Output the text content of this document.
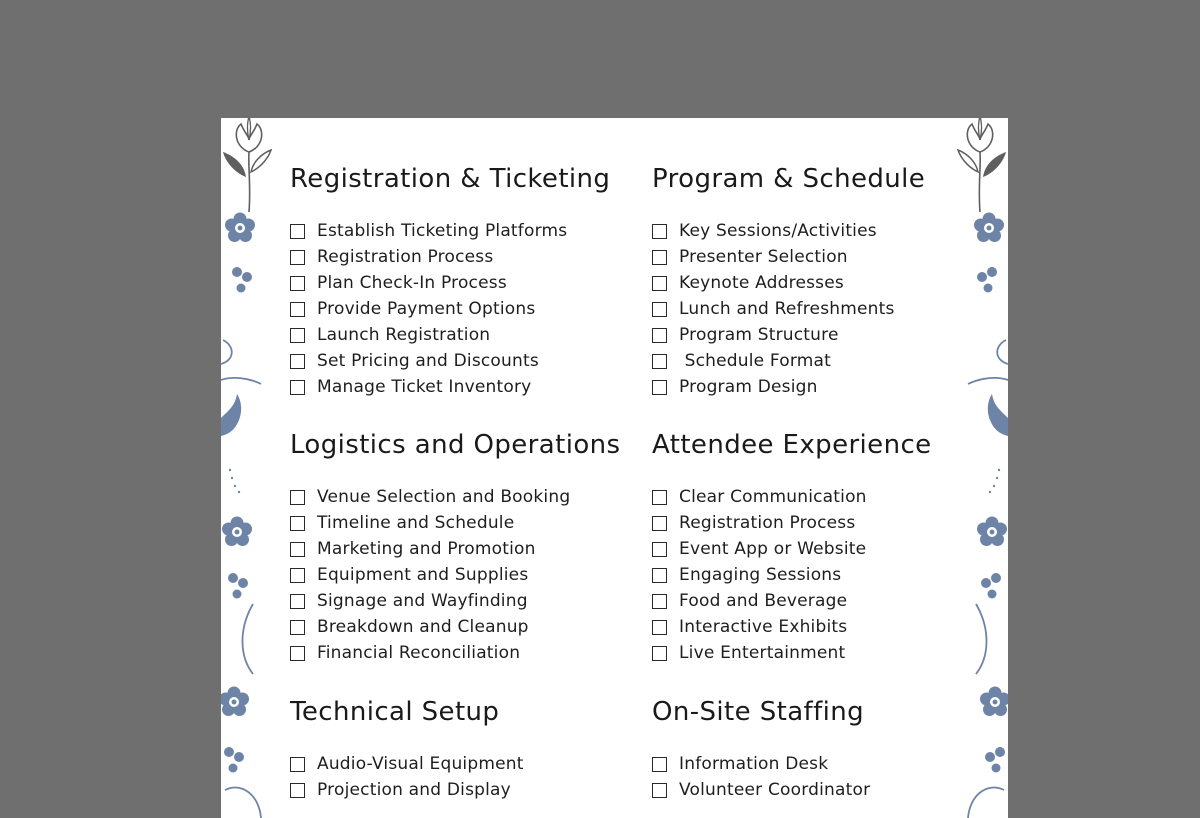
Registration & Ticketing
Establish Ticketing Platforms
Registration Process
Plan Check-In Process
Provide Payment Options
Launch Registration
Set Pricing and Discounts
Manage Ticket Inventory
Program & Schedule
Key Sessions/Activities
Presenter Selection
Keynote Addresses
Lunch and Refreshments
Program Structure
Schedule Format
Program Design
Logistics and Operations
Venue Selection and Booking
Timeline and Schedule
Marketing and Promotion
Equipment and Supplies
Signage and Wayfinding
Breakdown and Cleanup
Financial Reconciliation
Attendee Experience
Clear Communication
Registration Process
Event App or Website
Engaging Sessions
Food and Beverage
Interactive Exhibits
Live Entertainment
Technical Setup
Audio-Visual Equipment
Projection and Display
On-Site Staffing
Information Desk
Volunteer Coordinator
